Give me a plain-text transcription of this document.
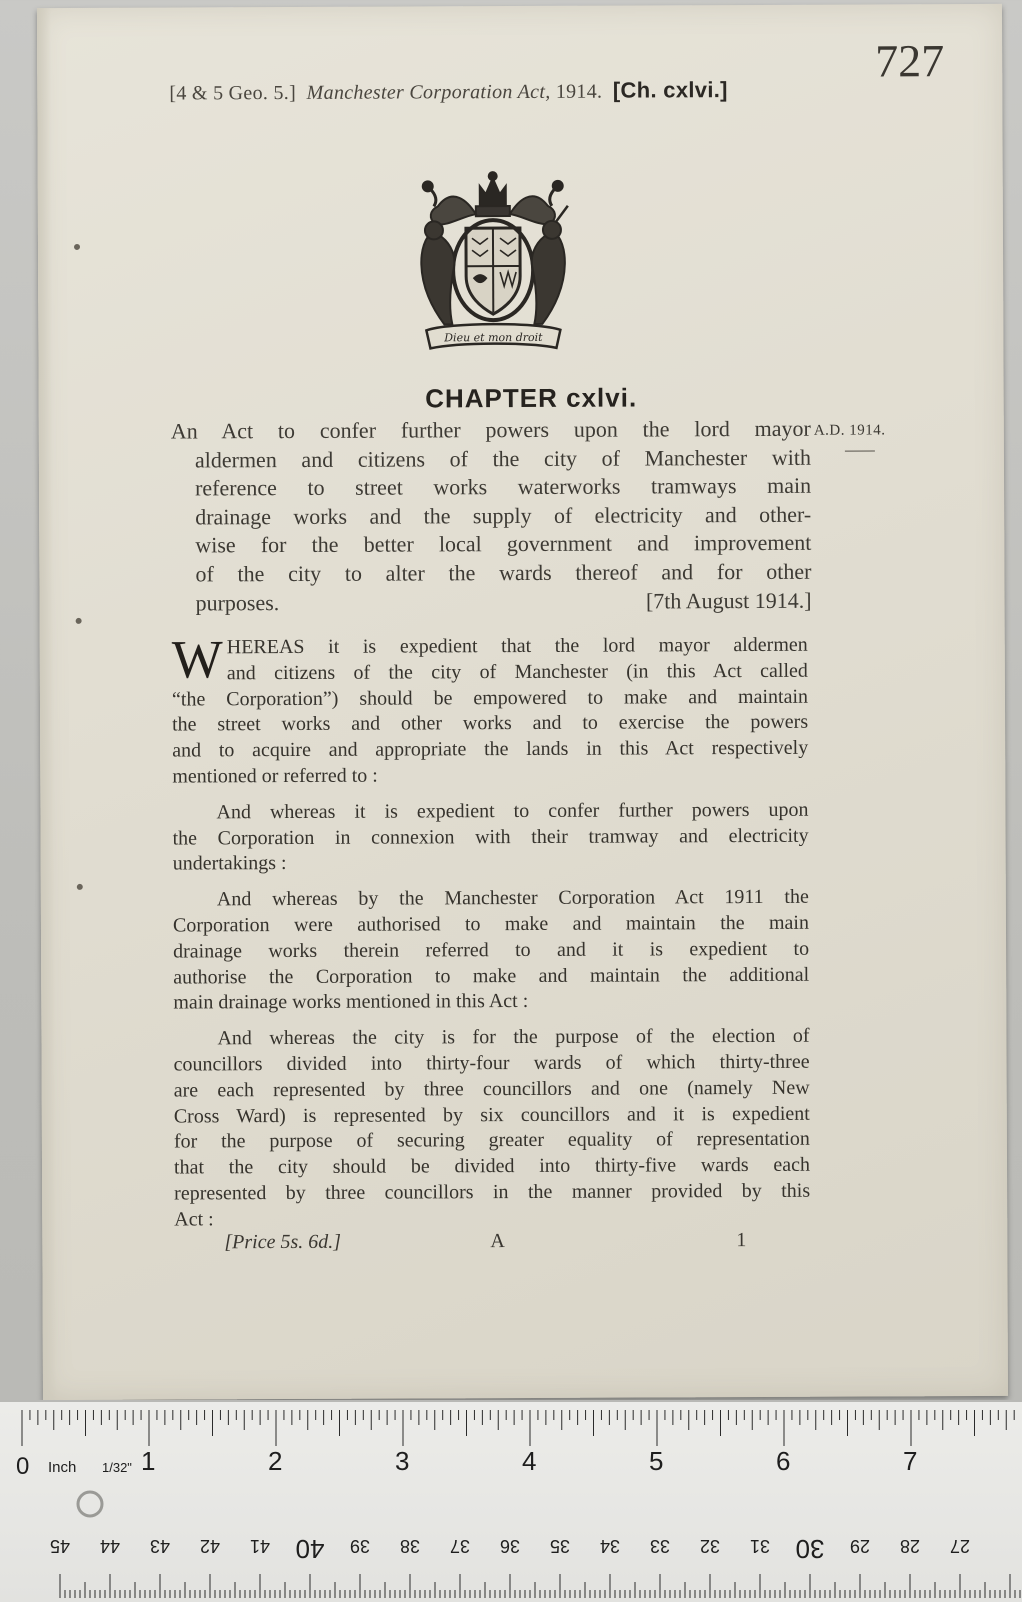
[4 & 5 Geo. 5.] Manchester Corporation Act, 1914. [Ch. cxlvi.]
727
Dieu et mon droit
CHAPTER cxlvi.
An Act to confer further powers upon the lord mayor
aldermen and citizens of the city of Manchester with
reference to street works waterworks tramways main
drainage works and the supply of electricity and other-
wise for the better local government and improvement
of the city to alter the wards thereof and for other
purposes.	[7th August 1914.]
A.D. 1914.
W HEREAS it is expedient that the lord mayor aldermen
and citizens of the city of Manchester (in this Act called
“the Corporation”) should be empowered to make and maintain
the street works and other works and to exercise the powers
and to acquire and appropriate the lands in this Act respectively
mentioned or referred to :
And whereas it is expedient to confer further powers upon
the Corporation in connexion with their tramway and electricity
undertakings :
And whereas by the Manchester Corporation Act 1911 the
Corporation were authorised to make and maintain the main
drainage works therein referred to and it is expedient to
authorise the Corporation to make and maintain the additional
main drainage works mentioned in this Act :
And whereas the city is for the purpose of the election of
councillors divided into thirty-four wards of which thirty-three
are each represented by three councillors and one (namely New
Cross Ward) is represented by six councillors and it is expedient
for the purpose of securing greater equality of representation
that the city should be divided into thirty-five wards each
represented by three councillors in the manner provided by this
Act :
[Price 5s. 6d.]	A	1
0 Inch 1/32" 1	2	3	4	5	6	7
45 44 43 42 41 40 39 38 37 36 35 34 33 32 31 30 29 28 27
